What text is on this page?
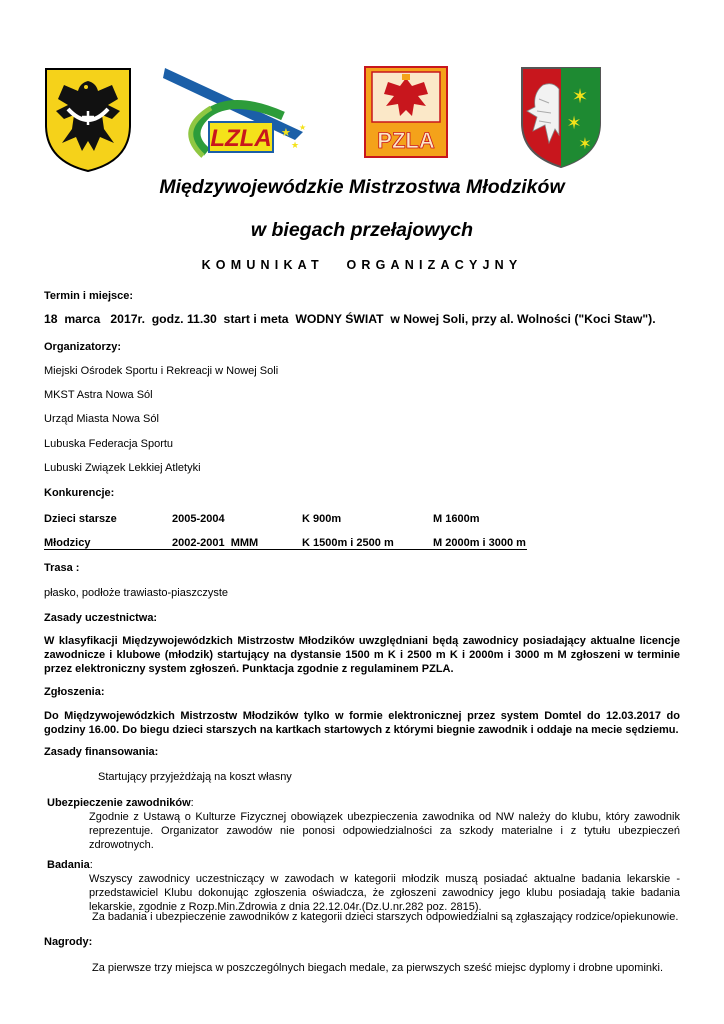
LZLA ★
★
★
PZLA
✶
✶
✶
Międzywojewódzkie Mistrzostwa Młodzików
w biegach przełajowych
KOMUNIKAT ORGANIZACYJNY
Termin i miejsce:
18  marca   2017r.  godz. 11.30  start i meta  WODNY ŚWIAT  w Nowej Soli, przy al. Wolności ("Koci Staw").
Organizatorzy:
Miejski Ośrodek Sportu i Rekreacji w Nowej Soli
MKST Astra Nowa Sól
Urząd Miasta Nowa Sól
Lubuska Federacja Sportu
Lubuski Związek Lekkiej Atletyki
Konkurencje:
Dzieci starsze	2005-2004	K 900m	M 1600m
Młodzicy	2002-2001  MMM	K 1500m i 2500 m	M 2000m i 3000 m
Trasa :
płasko, podłoże trawiasto-piaszczyste
Zasady uczestnictwa:
W klasyfikacji Międzywojewódzkich Mistrzostw Młodzików uwzględniani będą zawodnicy posiadający aktualne licencje zawodnicze i klubowe (młodzik) startujący na dystansie 1500 m K i 2500 m K i 2000m i 3000 m M zgłoszeni w terminie przez elektroniczny system zgłoszeń. Punktacja zgodnie z regulaminem PZLA.
Zgłoszenia:
Do Międzywojewódzkich Mistrzostw Młodzików tylko w formie elektronicznej przez system Domtel do 12.03.2017 do godziny 16.00. Do biegu dzieci starszych na kartkach startowych z którymi biegnie zawodnik i oddaje na mecie sędziemu.
Zasady finansowania:
Startujący przyjeżdżają na koszt własny
Ubezpieczenie zawodników:
Zgodnie z Ustawą o Kulturze Fizycznej obowiązek ubezpieczenia zawodnika od NW należy do klubu, który zawodnik reprezentuje. Organizator zawodów nie ponosi odpowiedzialności za szkody materialne i z tytułu ubezpieczeń zdrowotnych.
Badania:
Wszyscy zawodnicy uczestniczący w zawodach w kategorii młodzik muszą posiadać aktualne badania lekarskie - przedstawiciel Klubu dokonując zgłoszenia oświadcza, że zgłoszeni zawodnicy jego klubu posiadają takie badania lekarskie, zgodnie z Rozp.Min.Zdrowia z dnia 22.12.04r.(Dz.U.nr.282 poz. 2815).
Za badania i ubezpieczenie zawodników z kategorii dzieci starszych odpowiedzialni są zgłaszający rodzice/opiekunowie.
Nagrody:
Za pierwsze trzy miejsca w poszczególnych biegach medale, za pierwszych sześć miejsc dyplomy i drobne upominki.
